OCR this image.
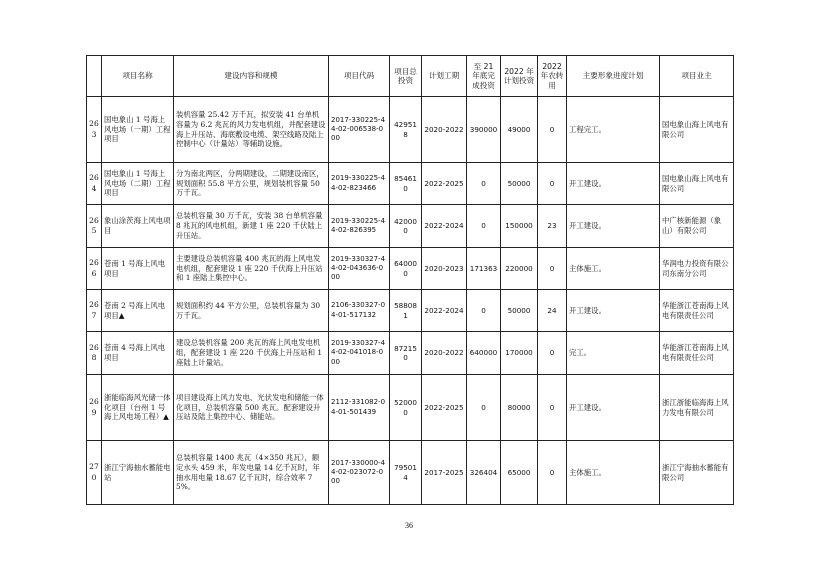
	项目名称	建设内容和规模	项目代码	项目总投资	计划工期	至 21 年底完成投资	2022 年计划投资	2022 年农转用	主要形象进度计划	项目业主
263	国电象山 1 号海上风电场（一期）工程项目	装机容量 25.42 万千瓦，拟安装 41 台单机容量为 6.2 兆瓦的风力发电机组，并配套建设海上升压站、海底敷设电缆、架空线路及陆上控制中心（计量站）等辅助设施。	2017-330225-44-02-006538-000	429518	2020-2022	390000	49000	0	工程完工。	国电象山海上风电有限公司
264	国电象山 1 号海上风电场（二期）工程项目	分为南北两区，分两期建设，二期建设南区，规划面积 55.8 平方公里，规划装机容量 50 万千瓦。	2019-330225-44-02-823466	854610	2022-2025	0	50000	0	开工建设。	国电象山海上风电有限公司
265	象山涂茨海上风电项目	总装机容量 30 万千瓦，安装 38 台单机容量 8 兆瓦的风电机组，新建 1 座 220 千伏陆上升压站。	2019-330225-44-02-826395	420000	2022-2024	0	150000	23	开工建设。	中广核新能源（象山）有限公司
266	苍南 1 号海上风电项目	主要建设总装机容量 400 兆瓦的海上风电发电机组，配套建设 1 座 220 千伏海上升压站和 1 座陆上集控中心。	2019-330327-44-02-043636-000	640000	2020-2023	171363	220000	0	主体施工。	华润电力投资有限公司东南分公司
267	苍南 2 号海上风电项目▲	规划面积约 44 平方公里，总装机容量为 30 万千瓦。	2106-330327-04-01-517132	588081	2022-2024	0	50000	24	开工建设。	华能浙江苍南海上风电有限责任公司
268	苍南 4 号海上风电项目	建设总装机容量 200 兆瓦的海上风电发电机组，配套建设 1 座 220 千伏海上升压站和 1 座陆上计量站。	2019-330327-44-02-041018-000	872150	2020-2022	640000	170000	0	完工。	华能浙江苍南海上风电有限责任公司
269	浙能临海风光储一体化项目（台州 1 号海上风电场工程）▲	项目建设海上风力发电、光伏发电和储能一体化项目，总装机容量 500 兆瓦。配套建设升压站及陆上集控中心、储能站。	2112-331082-04-01-501439	520000	2022-2025	0	80000	0	开工建设。	浙江浙能临海海上风力发电有限公司
270	浙江宁海抽水蓄能电站	总装机容量 1400 兆瓦（4×350 兆瓦），额定水头 459 米，年发电量 14 亿千瓦时，年抽水用电量 18.67 亿千瓦时，综合效率 75%。	2017-330000-44-02-023072-000	795014	2017-2025	326404	65000	0	主体施工。	浙江宁海抽水蓄能有限公司
36
